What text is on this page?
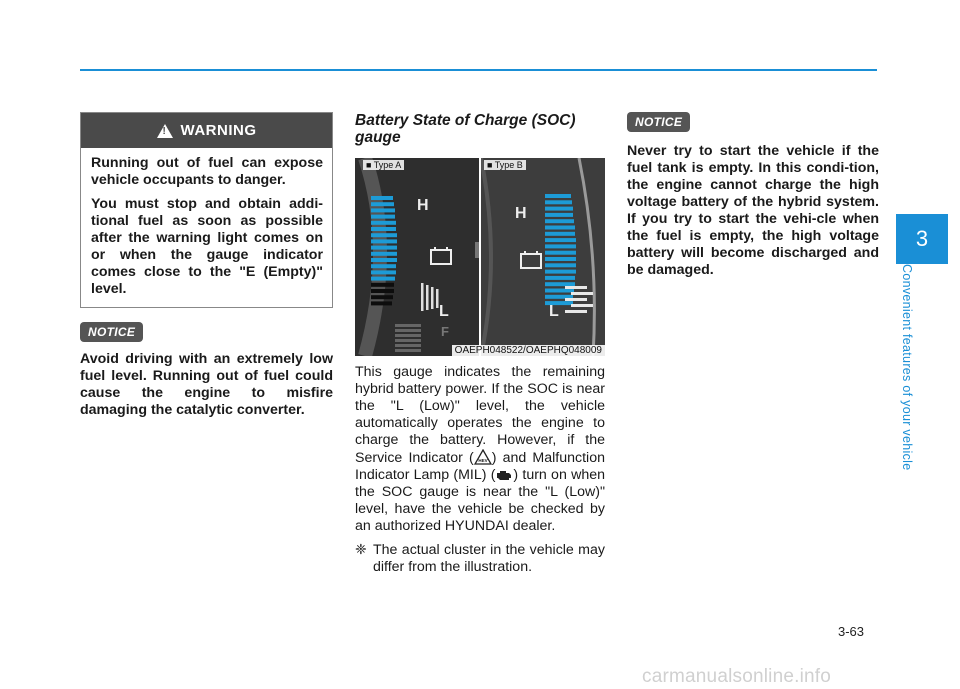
!
WARNING

Running out of fuel can expose vehicle occupants to danger.

You must stop and obtain addi-tional fuel as soon as possible after the warning light comes on or when the gauge indicator comes close to the "E (Empty)" level.

NOTICE

Avoid driving with an extremely low fuel level. Running out of fuel could cause the engine to misfire damaging the catalytic converter.

Battery State of Charge (SOC) gauge
H
L
F
■ Type A
H
L
■ Type B
OAEPH048522/OAEPHQ048009

This gauge indicates the remaining hybrid battery power. If the SOC is near the "L (Low)" level, the vehicle automatically operates the engine to charge the battery. However, if the Service Indicator ( HEV ) and Malfunction Indicator Lamp (MIL) ( ) turn on when the SOC gauge is near the "L (Low)" level, have the vehicle be checked by an authorized HYUNDAI dealer.

❈ The actual cluster in the vehicle may differ from the illustration.

NOTICE

Never try to start the vehicle if the fuel tank is empty. In this condi-tion, the engine cannot charge the high voltage battery of the hybrid system. If you try to start the vehi-cle when the fuel is empty, the high voltage battery will become discharged and be damaged.

3
Convenient features of your vehicle
3-63
carmanualsonline.info
